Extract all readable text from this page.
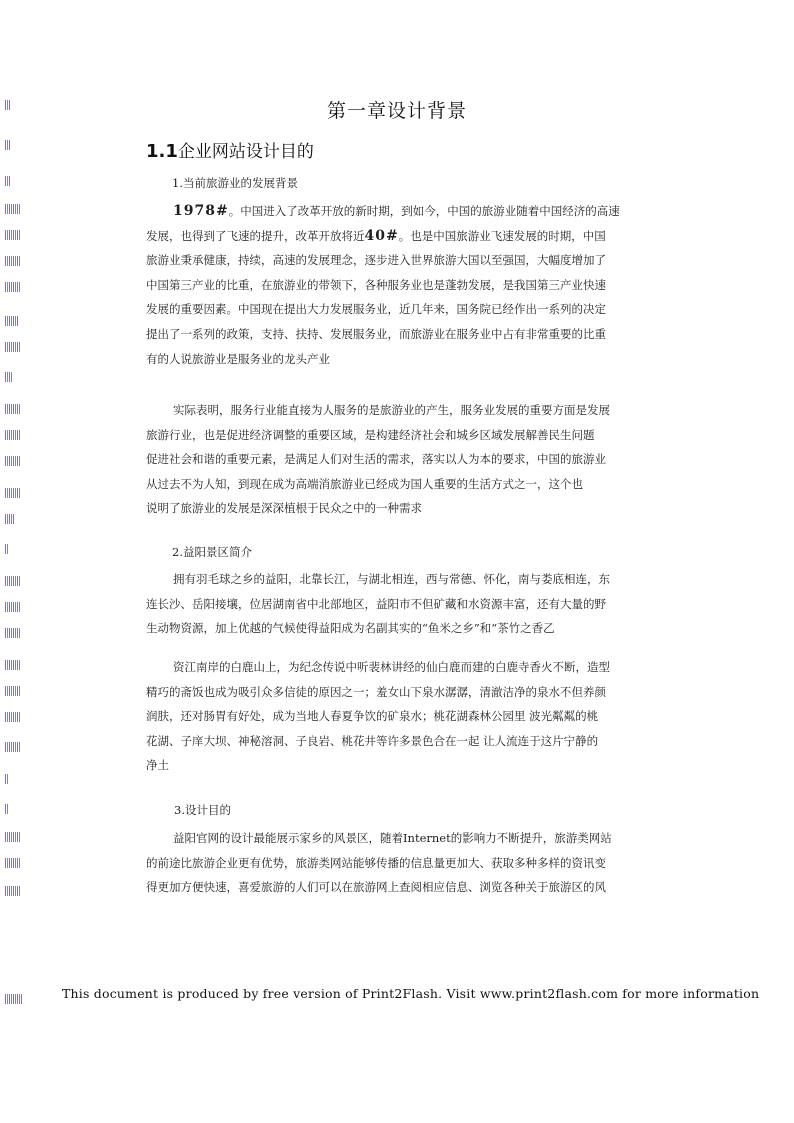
第一章设计背景
1.1企业网站设计目的
1.当前旅游业的发展背景
1978#。中国进入了改革开放的新时期，到如今，中国的旅游业随着中国经济的高速
发展，也得到了飞速的提升，改革开放将近40#。也是中国旅游业飞速发展的时期，中国
旅游业秉承健康，持续，高速的发展理念，逐步进入世界旅游大国以至强国，大幅度增加了
中国第三产业的比重，在旅游业的带领下，各种服务业也是蓬勃发展，是我国第三产业快速
发展的重要因素。中国现在提出大力发展服务业，近几年来，国务院已经作出一系列的决定
提出了一系列的政策，支持、扶持、发展服务业，而旅游业在服务业中占有非常重要的比重
有的人说旅游业是服务业的龙头产业
实际表明，服务行业能直接为人服务的是旅游业的产生，服务业发展的重要方面是发展
旅游行业，也是促进经济调整的重要区域，是构建经济社会和城乡区域发展解善民生问题
促进社会和谐的重要元素，是满足人们对生活的需求，落实以人为本的要求，中国的旅游业
从过去不为人知，到现在成为高端消旅游业已经成为国人重要的生活方式之一，这个也
说明了旅游业的发展是深深植根于民众之中的一种需求
2.益阳景区简介
拥有羽毛球之乡的益阳，北靠长江，与湖北相连，西与常德、怀化，南与娄底相连，东
连长沙、岳阳接壤，位居湖南省中北部地区，益阳市不但矿藏和水资源丰富，还有大量的野
生动物资源，加上优越的气候使得益阳成为名副其实的“鱼米之乡”和“茶竹之香乙
资江南岸的白鹿山上，为纪念传说中听裴林讲经的仙白鹿而建的白鹿寺香火不断，造型
精巧的斋饭也成为吸引众多信徒的原因之一；羞女山下泉水潺潺，清澈洁净的泉水不但养颜
润肤，还对肠胃有好处，成为当地人春夏争饮的矿泉水；桃花湖森林公园里 波光粼粼的桃
花湖、子庠大坝、神秘溶洞、子良岩、桃花井等许多景色合在一起 让人流连于这片宁静的
净土
3.设计目的
益阳官网的设计最能展示家乡的风景区，随着Internet的影响力不断提升，旅游类网站
的前途比旅游企业更有优势，旅游类网站能够传播的信息量更加大、获取多种多样的资讯变
得更加方便快速，喜爱旅游的人们可以在旅游网上查阅相应信息、浏览各种关于旅游区的风
This document is produced by free version of Print2Flash. Visit www.print2flash.com for more information
